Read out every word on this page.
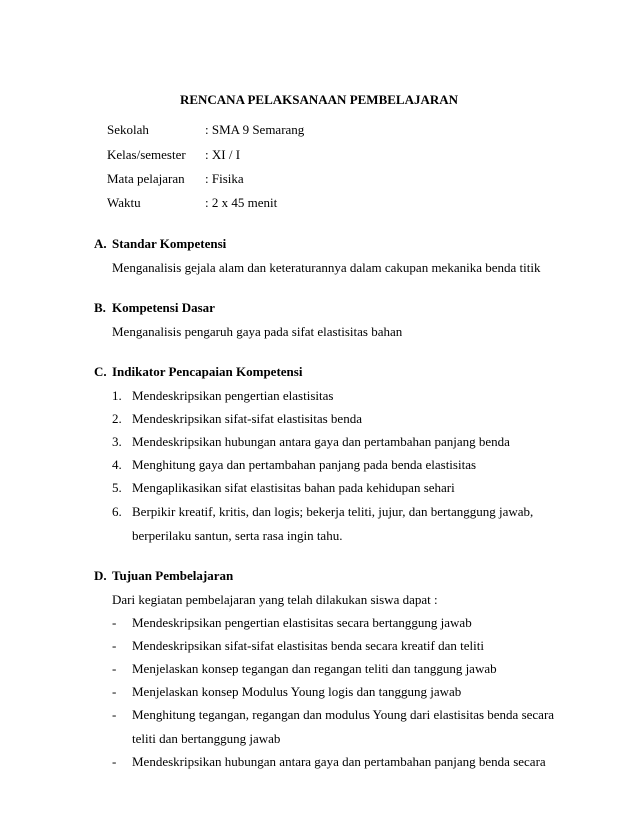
RENCANA PELAKSANAAN PEMBELAJARAN
Sekolah	: SMA 9 Semarang
Kelas/semester : XI / I
Mata pelajaran : Fisika
Waktu	: 2 x 45 menit
A. Standar Kompetensi
Menganalisis gejala alam dan keteraturannya dalam cakupan mekanika benda titik
B. Kompetensi Dasar
Menganalisis pengaruh gaya pada sifat elastisitas bahan
C. Indikator Pencapaian Kompetensi
1. Mendeskripsikan pengertian elastisitas
2. Mendeskripsikan sifat-sifat elastisitas benda
3. Mendeskripsikan hubungan antara gaya dan pertambahan panjang benda
4. Menghitung gaya dan pertambahan panjang pada benda elastisitas
5. Mengaplikasikan sifat elastisitas bahan pada kehidupan sehari
6. Berpikir kreatif, kritis, dan logis; bekerja teliti, jujur, dan bertanggung jawab,
berperilaku santun, serta rasa ingin tahu.
D. Tujuan Pembelajaran
Dari kegiatan pembelajaran yang telah dilakukan siswa dapat :
- Mendeskripsikan pengertian elastisitas secara bertanggung jawab
- Mendeskripsikan sifat-sifat elastisitas benda secara kreatif dan teliti
- Menjelaskan konsep tegangan dan regangan teliti dan tanggung jawab
- Menjelaskan konsep Modulus Young logis dan tanggung jawab
- Menghitung tegangan, regangan dan modulus Young dari elastisitas benda secara
teliti dan bertanggung jawab
- Mendeskripsikan hubungan antara gaya dan pertambahan panjang benda secara
